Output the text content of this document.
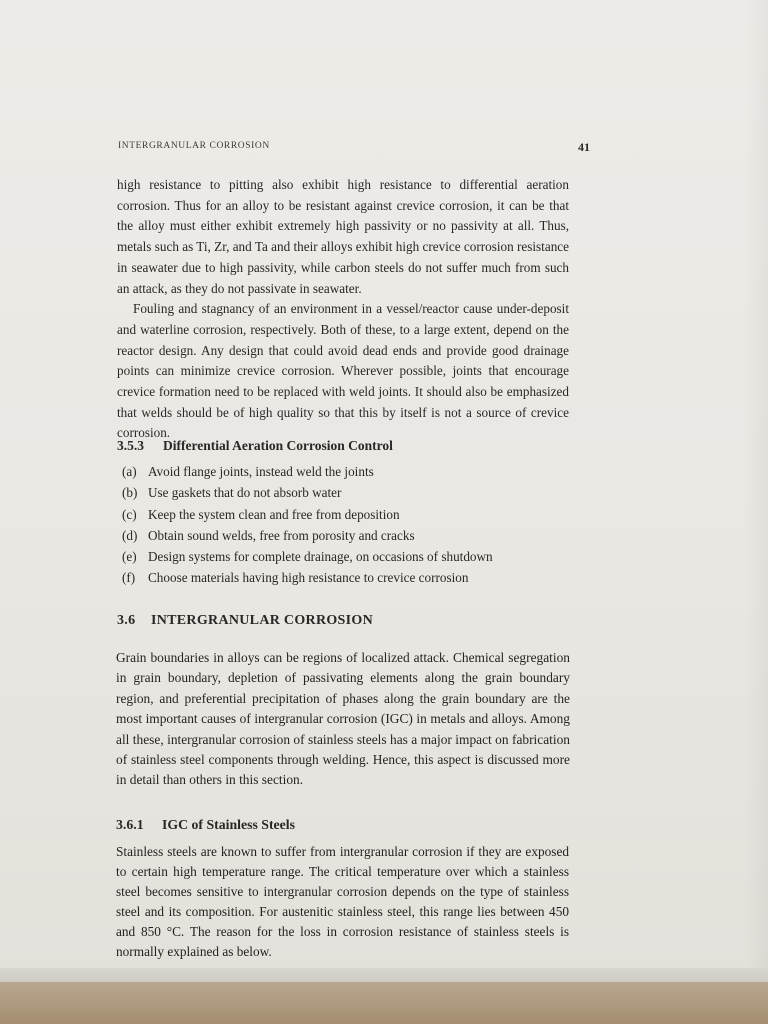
INTERGRANULAR CORROSION	41

high resistance to pitting also exhibit high resistance to differential aeration corrosion. Thus for an alloy to be resistant against crevice corrosion, it can be that the alloy must either exhibit extremely high passivity or no passivity at all. Thus, metals such as Ti, Zr, and Ta and their alloys exhibit high crevice corrosion resistance in seawater due to high passivity, while carbon steels do not suffer much from such an attack, as they do not passivate in seawater.

Fouling and stagnancy of an environment in a vessel/reactor cause under-deposit and waterline corrosion, respectively. Both of these, to a large extent, depend on the reactor design. Any design that could avoid dead ends and provide good drainage points can minimize crevice corrosion. Wherever possible, joints that encourage crevice formation need to be replaced with weld joints. It should also be emphasized that welds should be of high quality so that this by itself is not a source of crevice corrosion.

3.5.3 Differential Aeration Corrosion Control
(a) Avoid flange joints, instead weld the joints
(b) Use gaskets that do not absorb water
(c) Keep the system clean and free from deposition
(d) Obtain sound welds, free from porosity and cracks
(e) Design systems for complete drainage, on occasions of shutdown
(f) Choose materials having high resistance to crevice corrosion
3.6 INTERGRANULAR CORROSION

Grain boundaries in alloys can be regions of localized attack. Chemical segregation in grain boundary, depletion of passivating elements along the grain boundary region, and preferential precipitation of phases along the grain boundary are the most important causes of intergranular corrosion (IGC) in metals and alloys. Among all these, intergranular corrosion of stainless steels has a major impact on fabrication of stainless steel components through welding. Hence, this aspect is discussed more in detail than others in this section.

3.6.1 IGC of Stainless Steels

Stainless steels are known to suffer from intergranular corrosion if they are exposed to certain high temperature range. The critical temperature over which a stainless steel becomes sensitive to intergranular corrosion depends on the type of stainless steel and its composition. For austenitic stainless steel, this range lies between 450 and 850 °C. The reason for the loss in corrosion resistance of stainless steels is normally explained as below.
